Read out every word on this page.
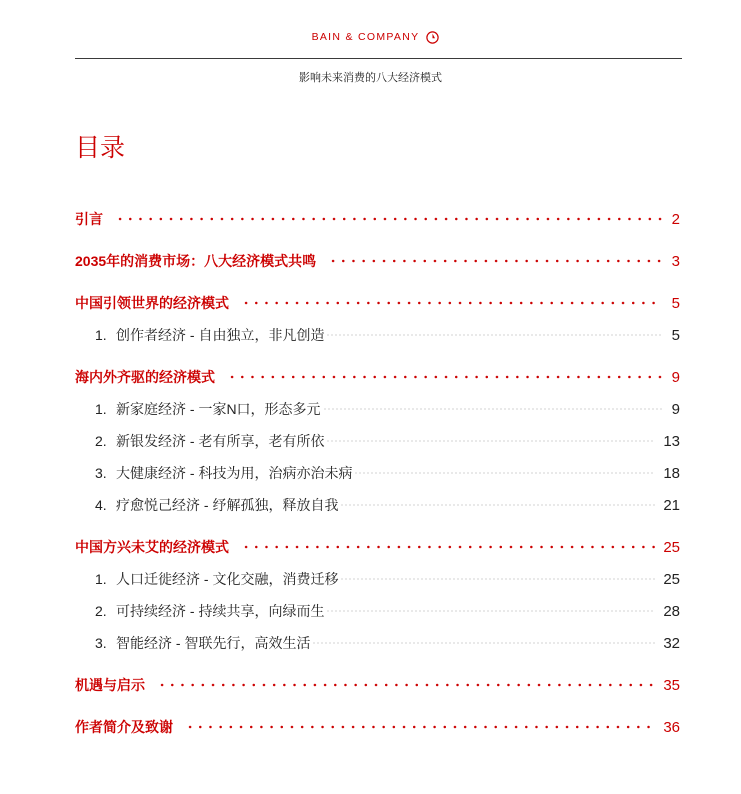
BAIN & COMPANY
影响未来消费的八大经济模式
目录
引言	2
2035年的消费市场：八大经济模式共鸣	3
中国引领世界的经济模式	5
1. 创作者经济 - 自由独立，非凡创造	5
海内外齐驱的经济模式	9
1. 新家庭经济 - 一家N口，形态多元	9
2. 新银发经济 - 老有所享，老有所依	13
3. 大健康经济 - 科技为用，治病亦治未病	18
4. 疗愈悦己经济 - 纾解孤独，释放自我	21
中国方兴未艾的经济模式	25
1. 人口迁徙经济 - 文化交融，消费迁移	25
2. 可持续经济 - 持续共享，向绿而生	28
3. 智能经济 - 智联先行，高效生活	32
机遇与启示	35
作者简介及致谢	36
